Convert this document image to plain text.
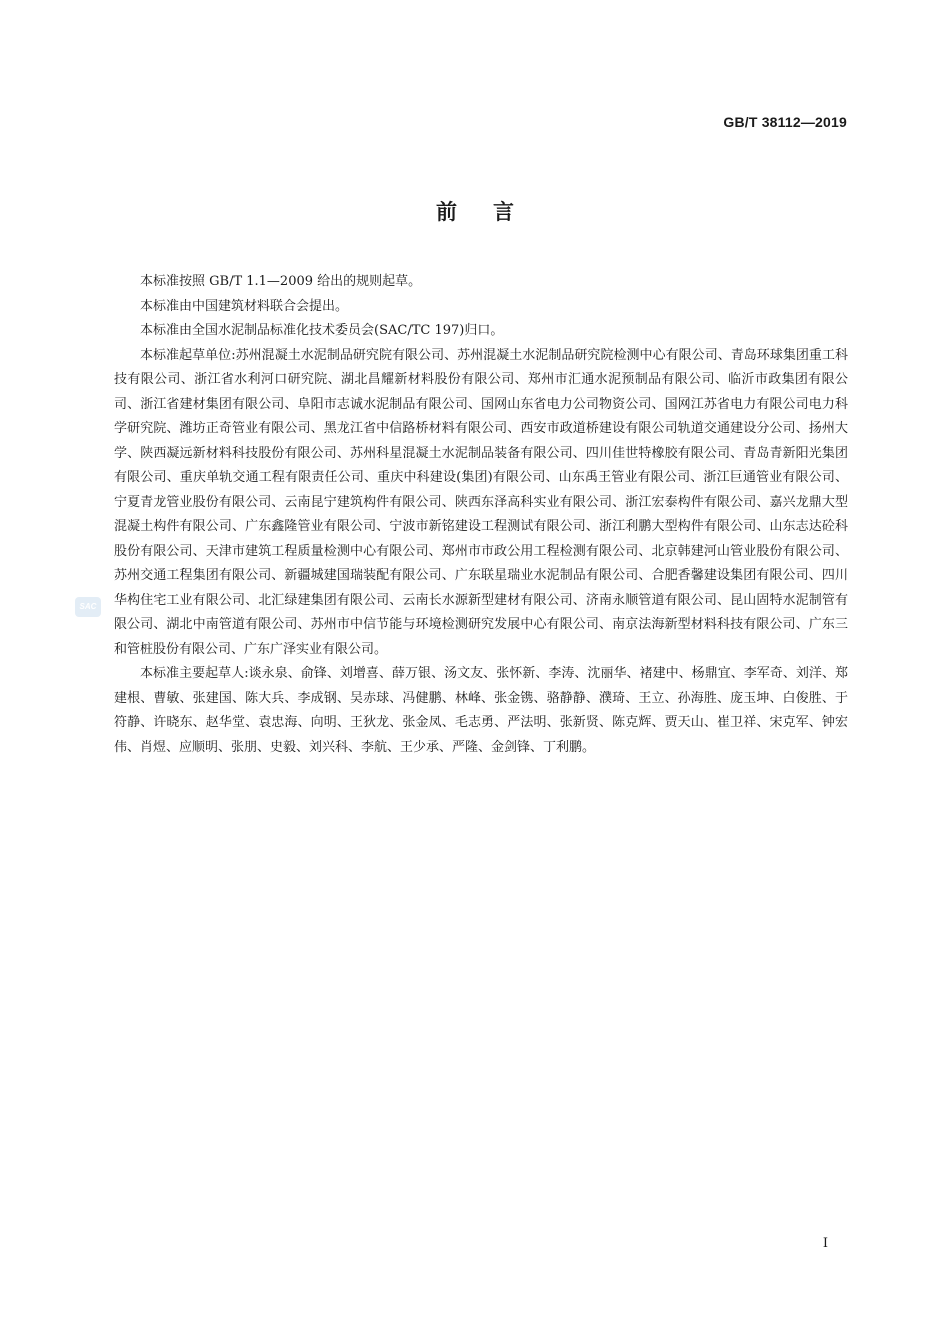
GB/T 38112—2019
前言

本标准按照 GB/T 1.1—2009 给出的规则起草。

本标准由中国建筑材料联合会提出。

本标准由全国水泥制品标准化技术委员会(SAC/TC 197)归口。

本标准起草单位:苏州混凝土水泥制品研究院有限公司、苏州混凝土水泥制品研究院检测中心有限公司、青岛环球集团重工科技有限公司、浙江省水利河口研究院、湖北昌耀新材料股份有限公司、郑州市汇通水泥预制品有限公司、临沂市政集团有限公司、浙江省建材集团有限公司、阜阳市志诚水泥制品有限公司、国网山东省电力公司物资公司、国网江苏省电力有限公司电力科学研究院、潍坊正奇管业有限公司、黑龙江省中信路桥材料有限公司、西安市政道桥建设有限公司轨道交通建设分公司、扬州大学、陕西凝远新材料科技股份有限公司、苏州科星混凝土水泥制品装备有限公司、四川佳世特橡胶有限公司、青岛青新阳光集团有限公司、重庆单轨交通工程有限责任公司、重庆中科建设(集团)有限公司、山东禹王管业有限公司、浙江巨通管业有限公司、宁夏青龙管业股份有限公司、云南昆宁建筑构件有限公司、陕西东泽高科实业有限公司、浙江宏泰构件有限公司、嘉兴龙鼎大型混凝土构件有限公司、广东鑫隆管业有限公司、宁波市新铭建设工程测试有限公司、浙江利鹏大型构件有限公司、山东志达砼科股份有限公司、天津市建筑工程质量检测中心有限公司、郑州市市政公用工程检测有限公司、北京韩建河山管业股份有限公司、苏州交通工程集团有限公司、新疆城建国瑞装配有限公司、广东联星瑞业水泥制品有限公司、合肥香馨建设集团有限公司、四川华构住宅工业有限公司、北汇绿建集团有限公司、云南长水源新型建材有限公司、济南永顺管道有限公司、昆山固特水泥制管有限公司、湖北中南管道有限公司、苏州市中信节能与环境检测研究发展中心有限公司、南京法海新型材料科技有限公司、广东三和管桩股份有限公司、广东广泽实业有限公司。

本标准主要起草人:谈永泉、俞锋、刘增喜、薛万银、汤文友、张怀新、李涛、沈丽华、褚建中、杨鼎宜、李军奇、刘洋、郑建根、曹敏、张建国、陈大兵、李成钢、吴赤球、冯健鹏、林峰、张金镌、骆静静、濮琦、王立、孙海胜、庞玉坤、白俊胜、于符静、许晓东、赵华堂、袁忠海、向明、王狄龙、张金凤、毛志勇、严法明、张新贤、陈克辉、贾天山、崔卫祥、宋克军、钟宏伟、肖煜、应顺明、张朋、史毅、刘兴科、李航、王少承、严隆、金剑锋、丁利鹏。

SAC
I
